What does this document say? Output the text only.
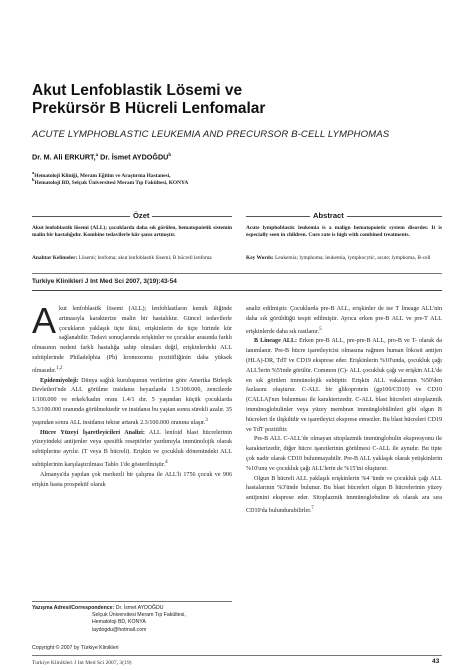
Akut Lenfoblastik Lösemi ve
Prekürsör B Hücreli Lenfomalar
ACUTE LYMPHOBLASTIC LEUKEMIA AND PRECURSOR B-CELL LYMPHOMAS
Dr. M. Ali ERKURT,$^a$ Dr. İsmet AYDOĞDU$^b$
$^a$Hematoloji Kliniği, Meram Eğitim ve Araştırma Hastanesi,
$^b$Hematoloji BD, Selçuk Üniversitesi Meram Tıp Fakültesi, KONYA
Özet	Abstract
Akut lenfoblastik lösemi (ALL); çocuklarda daha sık görülen, hematopoietik sistemin malin bir hastalığıdır. Kombine tedavilerle kür şansı artmıştır.
Anahtar Kelimeler: Lösemi; lenfoma; akut lenfoblastik lösemi; B hücreli lenfoma
Acute lymphoblastic leukemia is a malign hematopoietic system disorder. It is especially seen in children. Cure rate is high with combined treatments.
Key Words: Leukemia; lymphoma; leukemia, lymphocytic, acute; lymphoma, B-cell
Turkiye Klinikleri J Int Med Sci 2007, 3(19):43-54

Akut lenfoblastik lösemi (ALL); lenfoblastların kemik iliğinde artmasıyla karakterize malin bir hastalıktır. Güncel tedavilerle çocukların yaklaşık üçte ikisi, erişkinlerin de üçte birinde kür sağlanabilir. Tedavi sonuçlarında erişkinler ve çocuklar arasında farklı olmasının nedeni farklı hastalığa sahip olmaları değil, erişkinlerdeki ALL subtiplerinde Philadelphia (Ph) kromozomu pozitifliğinin daha yüksek olmasıdır.$^{1,2}$

Epidemiyoloji: Dünya sağlık kuruluşunun verilerine göre Amerika Birleşik Devletleri'nde ALL görülme insidansı beyazlarda 1.5/100.000, zencilerde 1/100.000 ve erkek/kadın oranı 1.4/1 dır. 5 yaşından küçük çocuklarda 5.3/100.000 oranında görülmektedir ve insidansı bu yaştan sonra sürekli azalır. 35 yaşından sonra ALL insidansı tekrar artarak 2.3/100.000 oranına ulaşır.$^3$

Hücre Yüzeyi İşaretleyicileri Analizi: ALL lenfoid blast hücrelerinin yüzeyindeki antijenler veya spesifik reseptörler yardımıyla immünolojik olarak subtiplerine ayrılır. (T veya B hücreli). Erişkin ve çocukluk dönemindeki ALL subtiplerinin karşılaştırılması Tablo 1'de gösterilmiştir.$^4$

Almanya'da yapılan çok merkezli bir çalışma ile ALL'li 1756 çocuk ve 906 erişkin hasta prospektif olarak

analiz edilmiştir. Çocuklarda pre-B ALL, erişkinler de ise T lineage ALL'nin daha sık görüldüğü tespit edilmiştir. Ayrıca erken pre-B ALL ve pre-T ALL erişkinlerde daha sık rastlanır.$^5$

B Lineage ALL: Erken pre-B ALL, pre-pre-B ALL, pro-B ve T- olarak da tanımlanır. Pre-B hücre işaretleyicisi olmasına rağmen human lökosit antijen (HLA)-DR, TdT ve CD19 eksprese eder. Erişkinlerin %10'unda, çocukluk çağı ALL'lerin %5'inde görülür. Common (C)- ALL çocukluk çağı ve erişkin ALL'de en sık görülen immünolojik subtiptir. Erişkin ALL vakalarının %50'den fazlasını oluşturur. C-ALL bir glikoprotein (gp100/CD10) ve CD10 (CALLA)'nın bulunması ile karakterizedir. C-ALL blast hücreleri sitoplazmik immünoglobulinler veya yüzey membran immünglobülinleri gibi olgun B hücreleri ile ilişkilidir ve işaretleyici eksprese etmezler. Bu blast hücreleri CD19 ve TdT pozitiftir.

Pre-B ALL C-ALL'de olmayan sitoplazmik immünglobulin ekspresyonu ile karakterizedir, diğer hücre işaretlerinin görülmesi C-ALL ile aynıdır. Bu tipte çok nadir olarak CD10 bulunmayabilir. Pre-B ALL yaklaşık olarak yetişkinlerin %10'unu ve çocukluk çağı ALL'lerin de %15'ini oluşturur.

Olgun B hücreli ALL yaklaşık erişkinlerin %4 'ünde ve çocukluk çağı ALL hastalarının %3'ünde bulunur. Bu blast hücreleri olgun B hücrelerinin yüzey antijenini eksprese eder. Sitoplazmik immünoglobuline ek olarak ara sıra CD10'da bulundurabilirler.$^7$

Yazışma Adresi/Correspondence: Dr. İsmet AYDOĞDU
Selçuk Üniversitesi Meram Tıp Fakültesi,
Hematoloji BD, KONYA
iaydogdu@hotmail.com
Copyright © 2007 by Türkiye Klinikleri
Turkiye Klinikleri J Int Med Sci 2007, 3(19)	43
